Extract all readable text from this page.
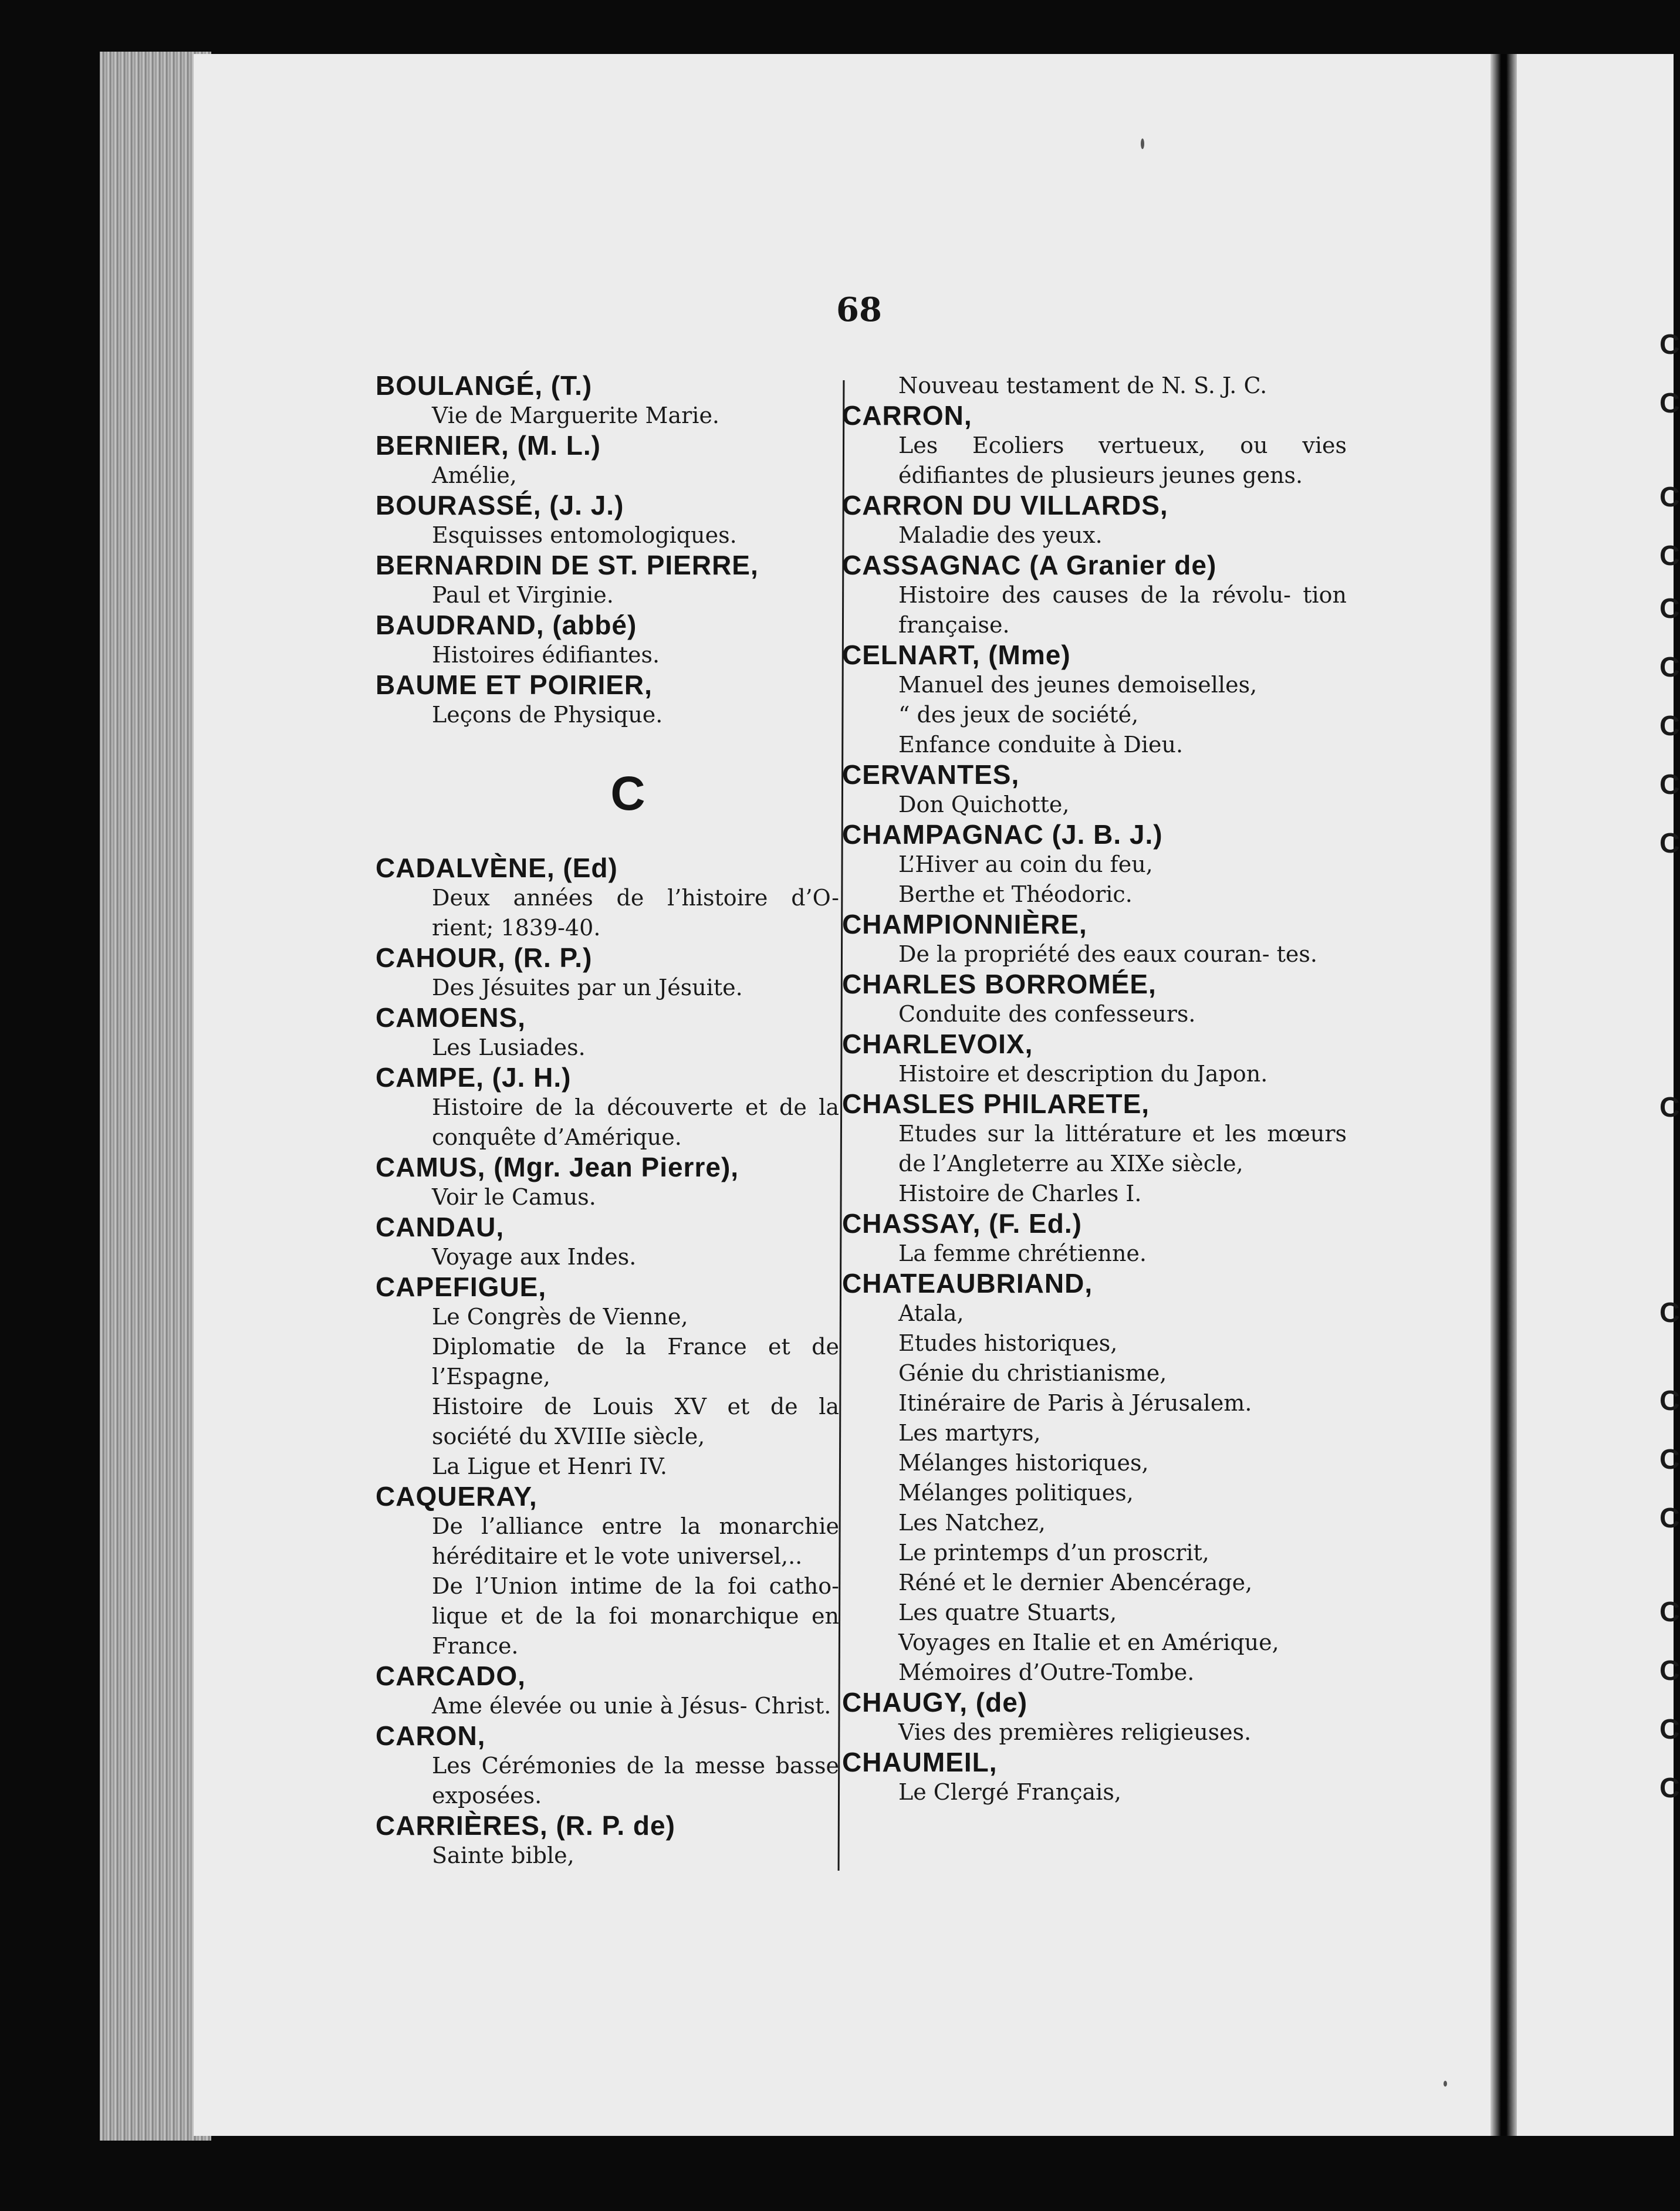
68
BOULANGÉ, (T.)
Vie de Marguerite Marie.
BERNIER, (M. L.)
Amélie,
BOURASSÉ, (J. J.)
Esquisses entomologiques.
BERNARDIN DE ST. PIERRE,
Paul et Virginie.
BAUDRAND, (abbé)
Histoires édifiantes.
BAUME ET POIRIER,
Leçons de Physique.
C
CADALVÈNE, (Ed)
Deux années de l’histoire d’O- rient; 1839-40.
CAHOUR, (R. P.)
Des Jésuites par un Jésuite.
CAMOENS,
Les Lusiades.
CAMPE, (J. H.)
Histoire de la découverte et de la conquête d’Amérique.
CAMUS, (Mgr. Jean Pierre),
Voir le Camus.
CANDAU,
Voyage aux Indes.
CAPEFIGUE,
Le Congrès de Vienne,
Diplomatie de la France et de l’Espagne,
Histoire de Louis XV et de la société du XVIIIe siècle,
La Ligue et Henri IV.
CAQUERAY,
De l’alliance entre la monarchie héréditaire et le vote universel,..
De l’Union intime de la foi catho- lique et de la foi monarchique en France.
CARCADO,
Ame élevée ou unie à Jésus- Christ.
CARON,
Les Cérémonies de la messe basse exposées.
CARRIÈRES, (R. P. de)
Sainte bible,
Nouveau testament de N. S. J. C.
CARRON,
Les Ecoliers vertueux, ou vies édifiantes de plusieurs jeunes gens.
CARRON DU VILLARDS,
Maladie des yeux.
CASSAGNAC (A Granier de)
Histoire des causes de la révolu- tion française.
CELNART, (Mme)
Manuel des jeunes demoiselles,
“ des jeux de société,
Enfance conduite à Dieu.
CERVANTES,
Don Quichotte,
CHAMPAGNAC (J. B. J.)
L’Hiver au coin du feu,
Berthe et Théodoric.
CHAMPIONNIÈRE,
De la propriété des eaux couran- tes.
CHARLES BORROMÉE,
Conduite des confesseurs.
CHARLEVOIX,
Histoire et description du Japon.
CHASLES PHILARETE,
Etudes sur la littérature et les mœurs de l’Angleterre au XIXe siècle,
Histoire de Charles I.
CHASSAY, (F. Ed.)
La femme chrétienne.
CHATEAUBRIAND,
Atala,
Etudes historiques,
Génie du christianisme,
Itinéraire de Paris à Jérusalem.
Les martyrs,
Mélanges historiques,
Mélanges politiques,
Les Natchez,
Le printemps d’un proscrit,
Réné et le dernier Abencérage,
Les quatre Stuarts,
Voyages en Italie et en Amérique,
Mémoires d’Outre-Tombe.
CHAUGY, (de)
Vies des premières religieuses.
CHAUMEIL,
Le Clergé Français,
C
C
C
C
C
C
C
C
C
C
C
C
C
C
C
C
C
C
